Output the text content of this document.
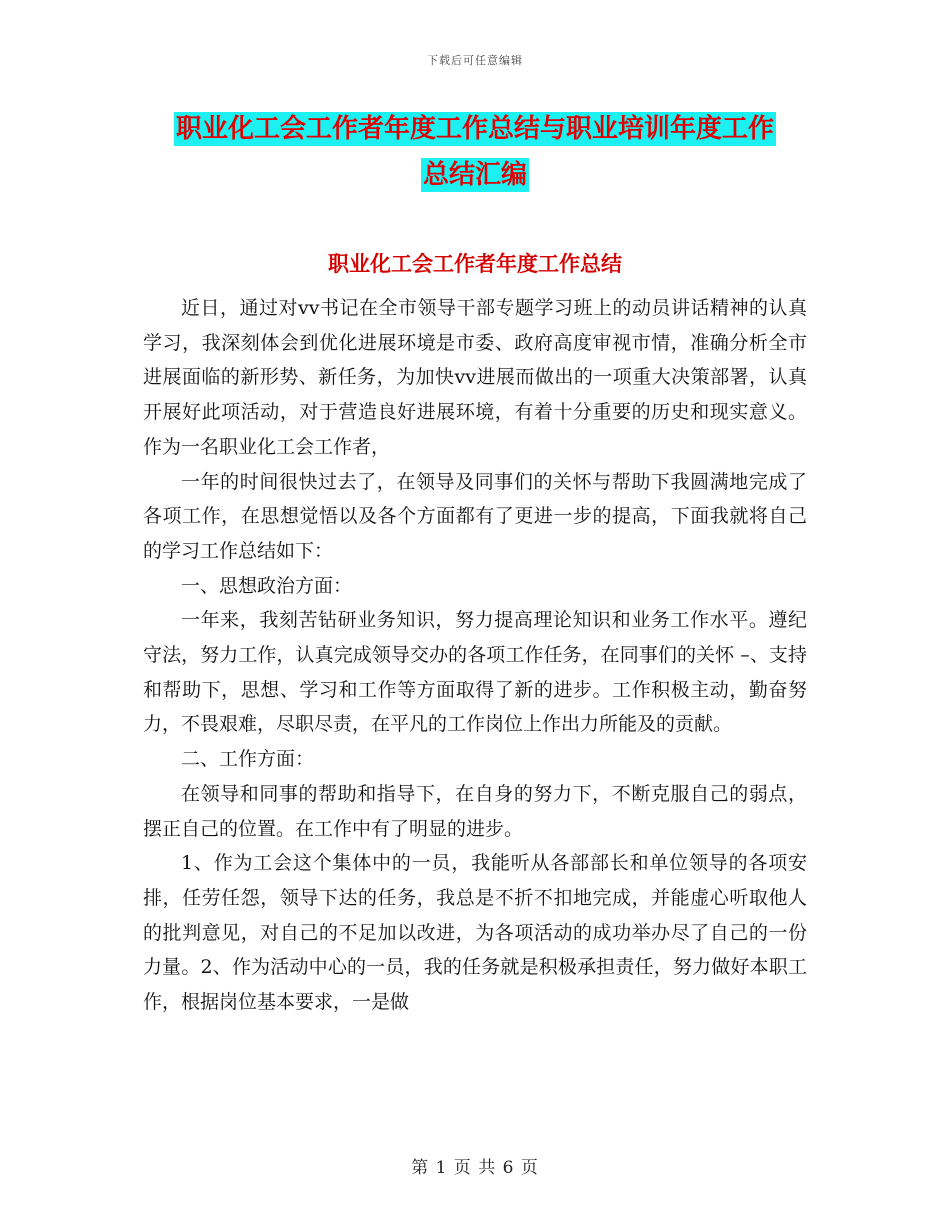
下载后可任意编辑
职业化工会工作者年度工作总结与职业培训年度工作
总结汇编
职业化工会工作者年度工作总结

近日，通过对vv书记在全市领导干部专题学习班上的动员讲话精神的认真学习，我深刻体会到优化进展环境是市委、政府高度审视市情，准确分析全市进展面临的新形势、新任务，为加快vv进展而做出的一项重大决策部署，认真开展好此项活动，对于营造良好进展环境，有着十分重要的历史和现实意义。作为一名职业化工会工作者，

一年的时间很快过去了，在领导及同事们的关怀与帮助下我圆满地完成了各项工作，在思想觉悟以及各个方面都有了更进一步的提高，下面我就将自己的学习工作总结如下：

一、思想政治方面：

一年来，我刻苦钻研业务知识，努力提高理论知识和业务工作水平。遵纪守法，努力工作，认真完成领导交办的各项工作任务，在同事们的关怀 –、支持和帮助下，思想、学习和工作等方面取得了新的进步。工作积极主动，勤奋努力，不畏艰难，尽职尽责，在平凡的工作岗位上作出力所能及的贡献。

二、工作方面：

在领导和同事的帮助和指导下，在自身的努力下，不断克服自己的弱点，摆正自己的位置。在工作中有了明显的进步。

1、作为工会这个集体中的一员，我能听从各部部长和单位领导的各项安排，任劳任怨，领导下达的任务，我总是不折不扣地完成，并能虚心听取他人的批判意见，对自己的不足加以改进，为各项活动的成功举办尽了自己的一份力量。2、作为活动中心的一员，我的任务就是积极承担责任，努力做好本职工作，根据岗位基本要求，一是做

第 1 页 共 6 页
